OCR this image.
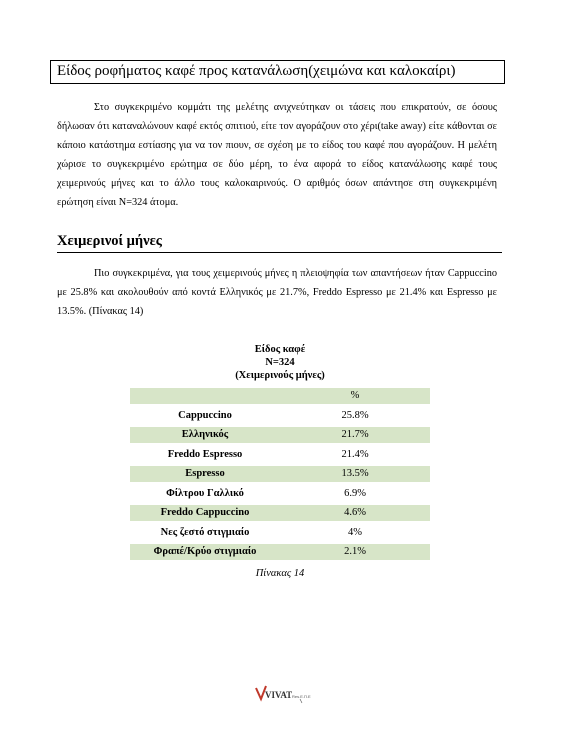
Είδος ροφήματος καφέ προς κατανάλωση(χειμώνα και καλοκαίρι)
Στο συγκεκριμένο κομμάτι της μελέτης ανιχνεύτηκαν οι τάσεις που επικρατούν, σε όσους δήλωσαν ότι καταναλώνουν καφέ εκτός σπιτιού, είτε τον αγοράζουν στο χέρι(take away) είτε κάθονται σε κάποιο κατάστημα εστίασης για να τον πιουν, σε σχέση με το είδος του καφέ που αγοράζουν. Η μελέτη χώρισε το συγκεκριμένο ερώτημα σε δύο μέρη, το ένα αφορά το είδος κατανάλωσης καφέ τους χειμερινούς μήνες και το άλλο τους καλοκαιρινούς. Ο αριθμός όσων απάντησε στη συγκεκριμένη ερώτηση είναι N=324 άτομα.
Χειμερινοί μήνες
Πιο συγκεκριμένα, για τους χειμερινούς μήνες η πλειοψηφία των απαντήσεων ήταν Cappuccino με 25.8% και ακολουθούν από κοντά Ελληνικός με 21.7%, Freddo Espresso με 21.4% και Espresso με 13.5%. (Πίνακας 14)
Είδος καφέ
N=324
(Χειμερινούς μήνες)
	%
Cappuccino	25.8%
Ελληνικός	21.7%
Freddo Espresso	21.4%
Espresso	13.5%
Φίλτρου Γαλλικό	6.9%
Freddo Cappuccino	4.6%
Νες ζεστό στιγμιαίο	4%
Φραπέ/Κρύο στιγμιαίο	2.1%
Πίνακας 14
VIVAT Res.Ε.Π.Ε
